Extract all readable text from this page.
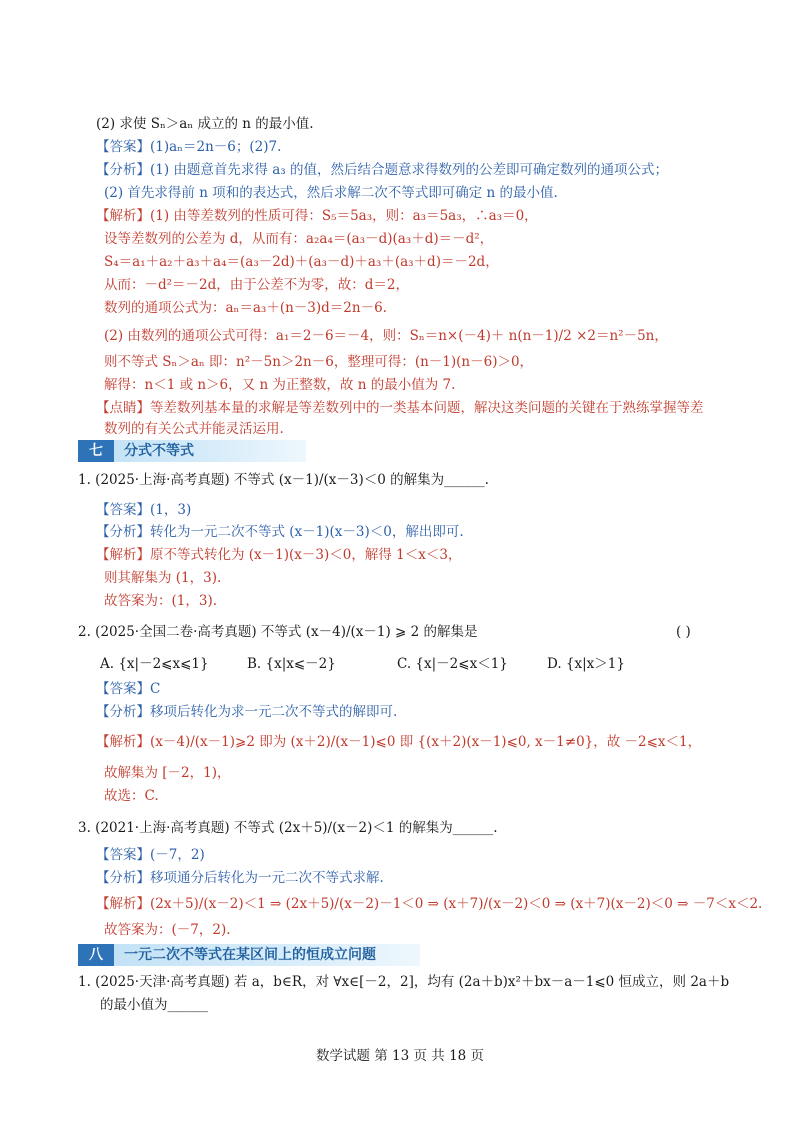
(2) 求使 Sₙ＞aₙ 成立的 n 的最小值.
【答案】(1)aₙ＝2n－6；(2)7.
【分析】(1) 由题意首先求得 a₃ 的值，然后结合题意求得数列的公差即可确定数列的通项公式；
(2) 首先求得前 n 项和的表达式，然后求解二次不等式即可确定 n 的最小值.
【解析】(1) 由等差数列的性质可得：S₅＝5a₃，则：a₃＝5a₃，∴a₃＝0，
设等差数列的公差为 d，从而有：a₂a₄＝(a₃－d)(a₃＋d)＝－d²，
S₄＝a₁＋a₂＋a₃＋a₄＝(a₃－2d)＋(a₃－d)＋a₃＋(a₃＋d)＝－2d，
从而：－d²＝－2d，由于公差不为零，故：d＝2，
数列的通项公式为：aₙ＝a₃＋(n－3)d＝2n－6.
(2) 由数列的通项公式可得：a₁＝2－6＝－4，则：Sₙ＝n×(－4)＋ n(n－1)/2 ×2＝n²－5n，
则不等式 Sₙ＞aₙ 即：n²－5n＞2n－6，整理可得：(n－1)(n－6)＞0，
解得：n＜1 或 n＞6，又 n 为正整数，故 n 的最小值为 7.
【点睛】等差数列基本量的求解是等差数列中的一类基本问题，解决这类问题的关键在于熟练掌握等差
数列的有关公式并能灵活运用.
七	分式不等式
1. (2025·上海·高考真题) 不等式 (x－1)/(x－3)＜0 的解集为______.
【答案】(1，3)
【分析】转化为一元二次不等式 (x－1)(x－3)＜0，解出即可.
【解析】原不等式转化为 (x－1)(x－3)＜0，解得 1＜x＜3，
则其解集为 (1，3).
故答案为：(1，3).
2. (2025·全国二卷·高考真题) 不等式 (x－4)/(x－1) ⩾ 2 的解集是	( )
A. {x|－2⩽x⩽1}	B. {x|x⩽－2}	C. {x|－2⩽x＜1}	D. {x|x＞1}
【答案】C
【分析】移项后转化为求一元二次不等式的解即可.
【解析】(x－4)/(x－1)⩾2 即为 (x＋2)/(x－1)⩽0 即 {(x＋2)(x－1)⩽0, x－1≠0}，故 －2⩽x＜1，
故解集为 [－2，1)，
故选：C.
3. (2021·上海·高考真题) 不等式 (2x＋5)/(x－2)＜1 的解集为______.
【答案】(－7，2)
【分析】移项通分后转化为一元二次不等式求解.
【解析】(2x＋5)/(x－2)＜1 ⇒ (2x＋5)/(x－2)－1＜0 ⇒ (x＋7)/(x－2)＜0 ⇒ (x＋7)(x－2)＜0 ⇒ －7＜x＜2.
故答案为：(－7，2).
八	一元二次不等式在某区间上的恒成立问题
1. (2025·天津·高考真题) 若 a，b∈R，对 ∀x∈[－2，2]，均有 (2a＋b)x²＋bx－a－1⩽0 恒成立，则 2a＋b
的最小值为______
数学试题 第 13 页 共 18 页
